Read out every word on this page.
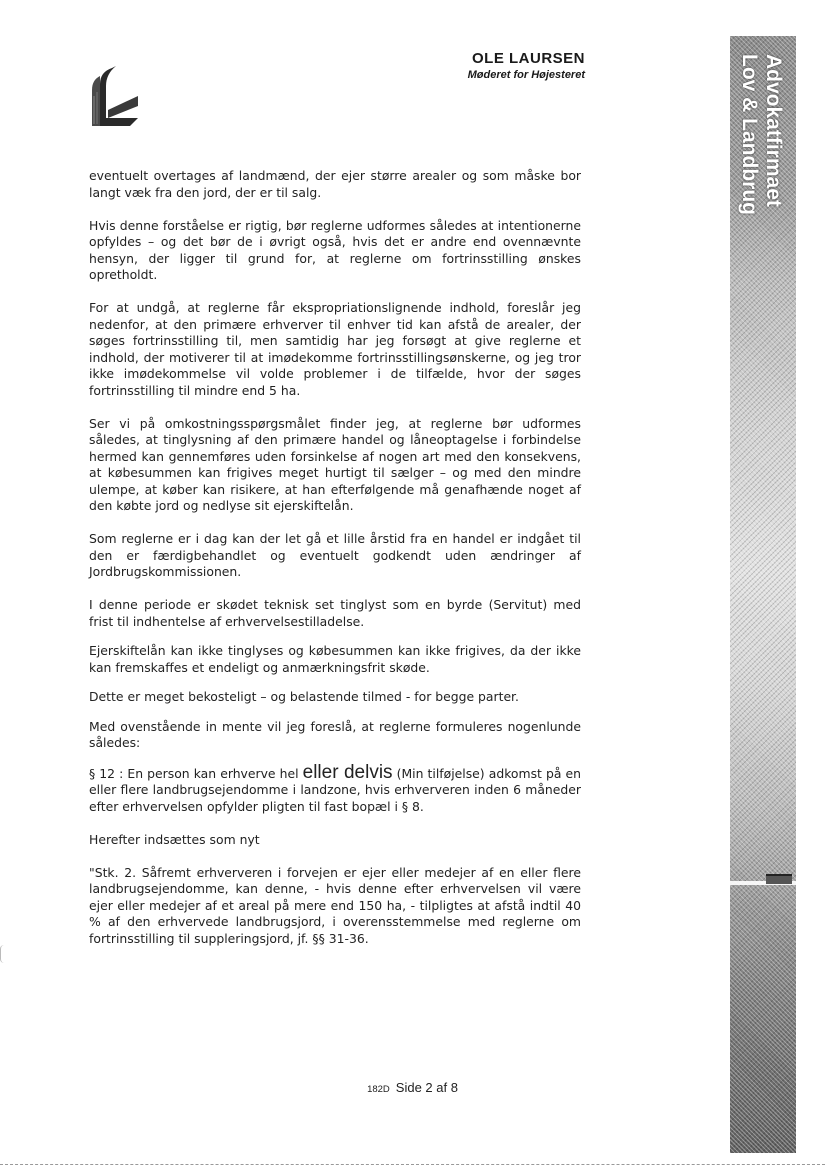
OLE LAURSEN
Møderet for Højesteret	Advokatfirmaet
Lov & Landbrug

eventuelt overtages af landmænd, der ejer større arealer og som måske bor langt væk fra den jord, der er til salg.

Hvis denne forståelse er rigtig, bør reglerne udformes således at intentionerne opfyldes – og det bør de i øvrigt også, hvis det er andre end ovennævnte hensyn, der ligger til grund for, at reglerne om fortrinsstilling ønskes opretholdt.

For at undgå, at reglerne får ekspropriationslignende indhold, foreslår jeg nedenfor, at den primære erhverver til enhver tid kan afstå de arealer, der søges fortrinsstilling til, men samtidig har jeg forsøgt at give reglerne et indhold, der motiverer til at imødekomme fortrinsstillingsønskerne, og jeg tror ikke imødekommelse vil volde problemer i de tilfælde, hvor der søges fortrinsstilling til mindre end 5 ha.

Ser vi på omkostningsspørgsmålet finder jeg, at reglerne bør udformes således, at tinglysning af den primære handel og låneoptagelse i forbindelse hermed kan gennemføres uden forsinkelse af nogen art med den konsekvens, at købesummen kan frigives meget hurtigt til sælger – og med den mindre ulempe, at køber kan risikere, at han efterfølgende må genafhænde noget af den købte jord og nedlyse sit ejerskiftelån.

Som reglerne er i dag kan der let gå et lille årstid fra en handel er indgået til den er færdigbehandlet og eventuelt godkendt uden ændringer af Jordbrugskommissionen.

I denne periode er skødet teknisk set tinglyst som en byrde (Servitut) med frist til indhentelse af erhvervelsestilladelse.

Ejerskiftelån kan ikke tinglyses og købesummen kan ikke frigives, da der ikke kan fremskaffes et endeligt og anmærkningsfrit skøde.

Dette er meget bekosteligt – og belastende tilmed - for begge parter.

Med ovenstående in mente vil jeg foreslå, at reglerne formuleres nogenlunde således:

§ 12 : En person kan erhverve hel eller delvis (Min tilføjelse) adkomst på en eller flere landbrugsejendomme i landzone, hvis erhververen inden 6 måneder efter erhvervelsen opfylder pligten til fast bopæl i § 8.

Herefter indsættes som nyt

"Stk. 2. Såfremt erhververen i forvejen er ejer eller medejer af en eller flere landbrugsejendomme, kan denne, - hvis denne efter erhvervelsen vil være ejer eller medejer af et areal på mere end 150 ha, - tilpligtes at afstå indtil 40 % af den erhvervede landbrugsjord, i overensstemmelse med reglerne om fortrinsstilling til suppleringsjord, jf. §§ 31-36.

182D Side 2 af 8
